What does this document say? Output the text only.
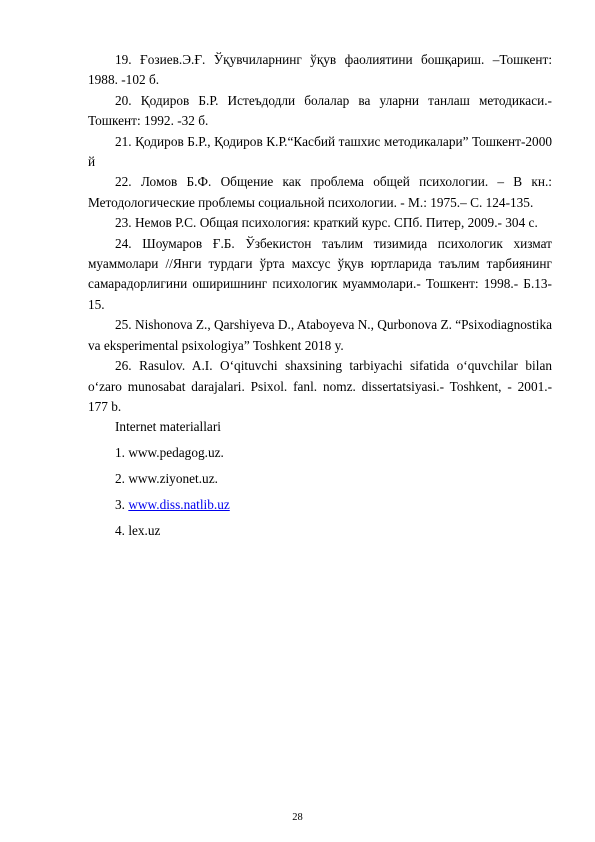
19. Ғозиев.Э.Ғ. Ўқувчиларнинг ўқув фаолиятини бошқариш. –Тошкент: 1988. -102 б.

20. Қодиров Б.Р. Истеъдодли болалар ва уларни танлаш методикаси.-Тошкент: 1992. -32 б.

21. Қодиров Б.Р., Қодиров К.Р.“Касбий ташхис методикалари” Тошкент-2000 й

22. Ломов Б.Ф. Общение как проблема общей психологии. – В кн.: Методологические проблемы социальной психологии. - М.: 1975.– С. 124-135.

23. Немов Р.С. Общая психология: краткий курс. СПб. Питер, 2009.- 304 с.

24. Шоумаров Ғ.Б. Ўзбекистон таълим тизимида психологик хизмат муаммолари //Янги турдаги ўрта махсус ўқув юртларида таълим тарбиянинг самарадорлигини оширишнинг психологик муаммолари.- Тошкент: 1998.- Б.13-15.

25. Nishonova Z., Qarshiyeva D., Ataboyeva N., Qurbonova Z. “Psixodiagnostika va eksperimental psixologiya” Toshkent 2018 y.

26. Rasulov. A.I. O‘qituvchi shaxsining tarbiyachi sifatida o‘quvchilar bilan o‘zaro munosabat darajalari. Psixol. fanl. nomz. dissertatsiyasi.- Toshkent, - 2001.- 177 b.

Internet materiallari

1. www.pedagog.uz.
2. www.ziyonet.uz.
3. www.diss.natlib.uz
4. lex.uz
28
